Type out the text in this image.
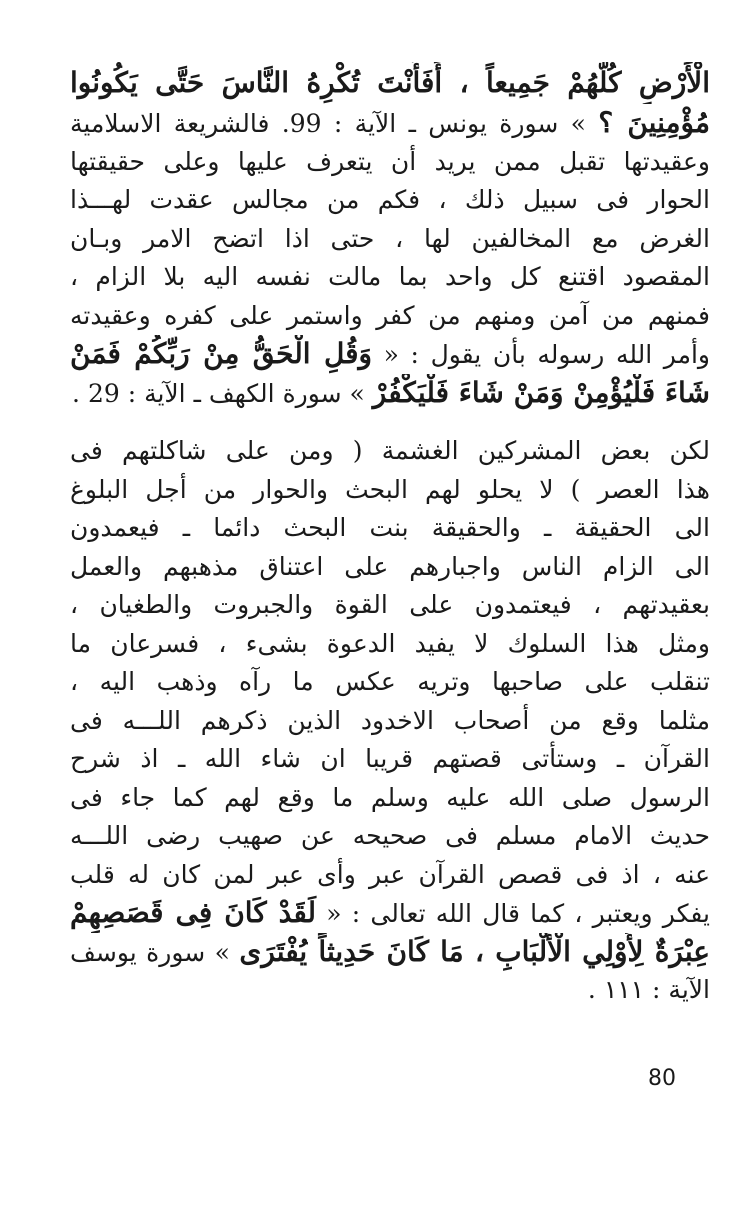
الْأَرْضِ كُلُّهُمْ جَمِيعاً ، أَفَأَنْتَ تُكْرِهُ النَّاسَ حَتَّى يَكُونُوا
مُؤْمِنِينَ ؟ » سورة يونس ـ الآية : 99. فالشريعة الاسلامية
وعقيدتها تقبل ممن يريد أن يتعرف عليها وعلى حقيقتها
الحوار فى سبيل ذلك ، فكم من مجالس عقدت لهـــذا
الغرض مع المخالفين لها ، حتى اذا اتضح الامر وبـان
المقصود اقتنع كل واحد بما مالت نفسه اليه بلا الزام ،
فمنهم من آمن ومنهم من كفر واستمر على كفره وعقيدته
وأمر الله رسوله بأن يقول : « وَقُلِ الْحَقُّ مِنْ رَبِّكُمْ فَمَنْ
شَاءَ فَلْيُؤْمِنْ وَمَنْ شَاءَ فَلْيَكْفُرْ » سورة الكهف ـ الآية : 29 .
لكن بعض المشركين الغشمة ( ومن على شاكلتهم فى
هذا العصر ) لا يحلو لهم البحث والحوار من أجل البلوغ
الى الحقيقة ـ والحقيقة بنت البحث دائما ـ فيعمدون
الى الزام الناس واجبارهم على اعتناق مذهبهم والعمل
بعقيدتهم ، فيعتمدون على القوة والجبروت والطغيان ،
ومثل هذا السلوك لا يفيد الدعوة بشىء ، فسرعان ما
تنقلب على صاحبها وتريه عكس ما رآه وذهب اليه ،
مثلما وقع من أصحاب الاخدود الذين ذكرهم اللـــه فى
القرآن ـ وستأتى قصتهم قريبا ان شاء الله ـ اذ شرح
الرسول صلى الله عليه وسلم ما وقع لهم كما جاء فى
حديث الامام مسلم فى صحيحه عن صهيب رضى اللـــه
عنه ، اذ فى قصص القرآن عبر وأى عبر لمن كان له قلب
يفكر ويعتبر ، كما قال الله تعالى : « لَقَدْ كَانَ فِى قَصَصِهِمْ
عِبْرَةٌ لِأُوْلِي الْأَلْبَابِ ، مَا كَانَ حَدِيثاً يُفْتَرَى » سورة يوسف
الآية : ١١١ .
80
